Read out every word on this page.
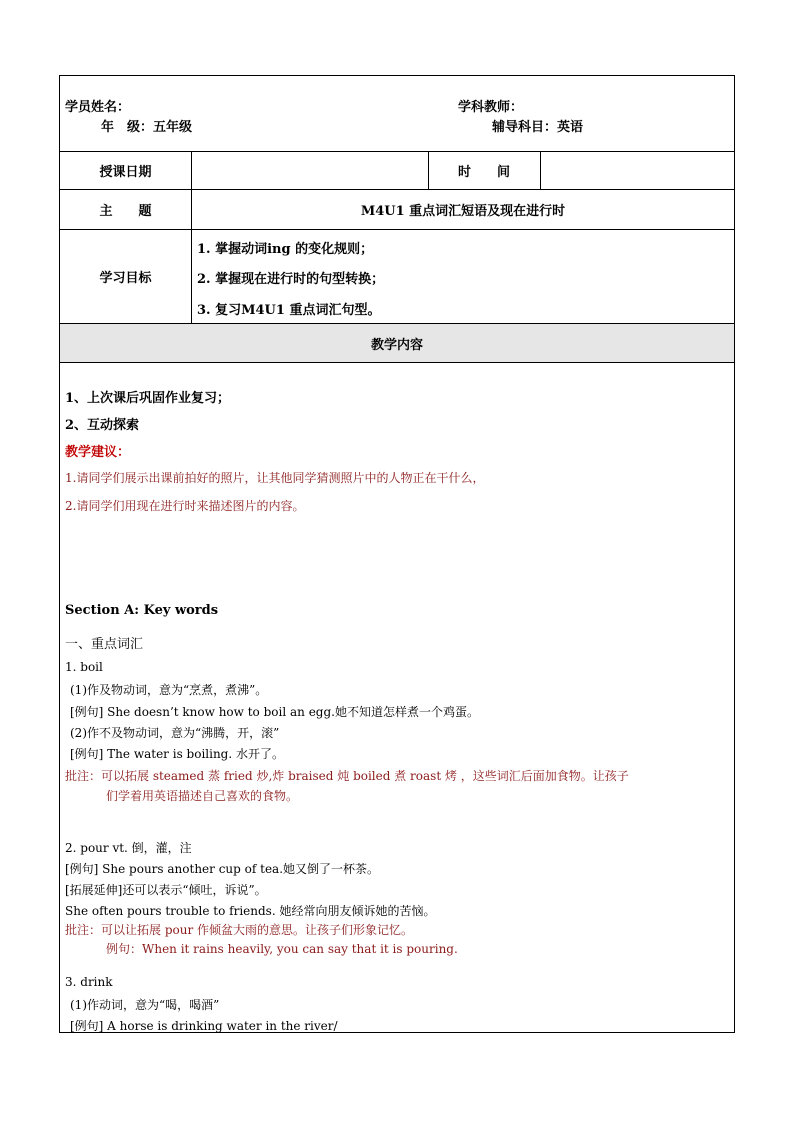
学员姓名：
年　级：五年级
学科教师：
辅导科目：英语
授课日期	时　　间
主　　题	M4U1 重点词汇短语及现在进行时
学习目标
1. 掌握动词ing 的变化规则；
2. 掌握现在进行时的句型转换；
3. 复习M4U1 重点词汇句型。
教学内容
1、上次课后巩固作业复习；
2、互动探索
教学建议：
1.请同学们展示出课前拍好的照片，让其他同学猜测照片中的人物正在干什么，
2.请同学们用现在进行时来描述图片的内容。
Section A: Key words
一、重点词汇
1. boil
(1)作及物动词，意为“烹煮，煮沸”。
[例句] She doesn’t know how to boil an egg.她不知道怎样煮一个鸡蛋。
(2)作不及物动词，意为“沸腾，开，滚”
[例句] The water is boiling. 水开了。
批注：可以拓展 steamed 蒸 fried 炒,炸 braised 炖 boiled 煮 roast 烤 ，这些词汇后面加食物。让孩子
们学着用英语描述自己喜欢的食物。
2. pour vt. 倒，灌，注
[例句] She pours another cup of tea.她又倒了一杯茶。
[拓展延伸]还可以表示“倾吐，诉说”。
She often pours trouble to friends. 她经常向朋友倾诉她的苦恼。
批注：可以让拓展 pour 作倾盆大雨的意思。让孩子们形象记忆。
例句：When it rains heavily, you can say that it is pouring.
3. drink
(1)作动词，意为“喝，喝酒”
[例句] A horse is drinking water in the river/
